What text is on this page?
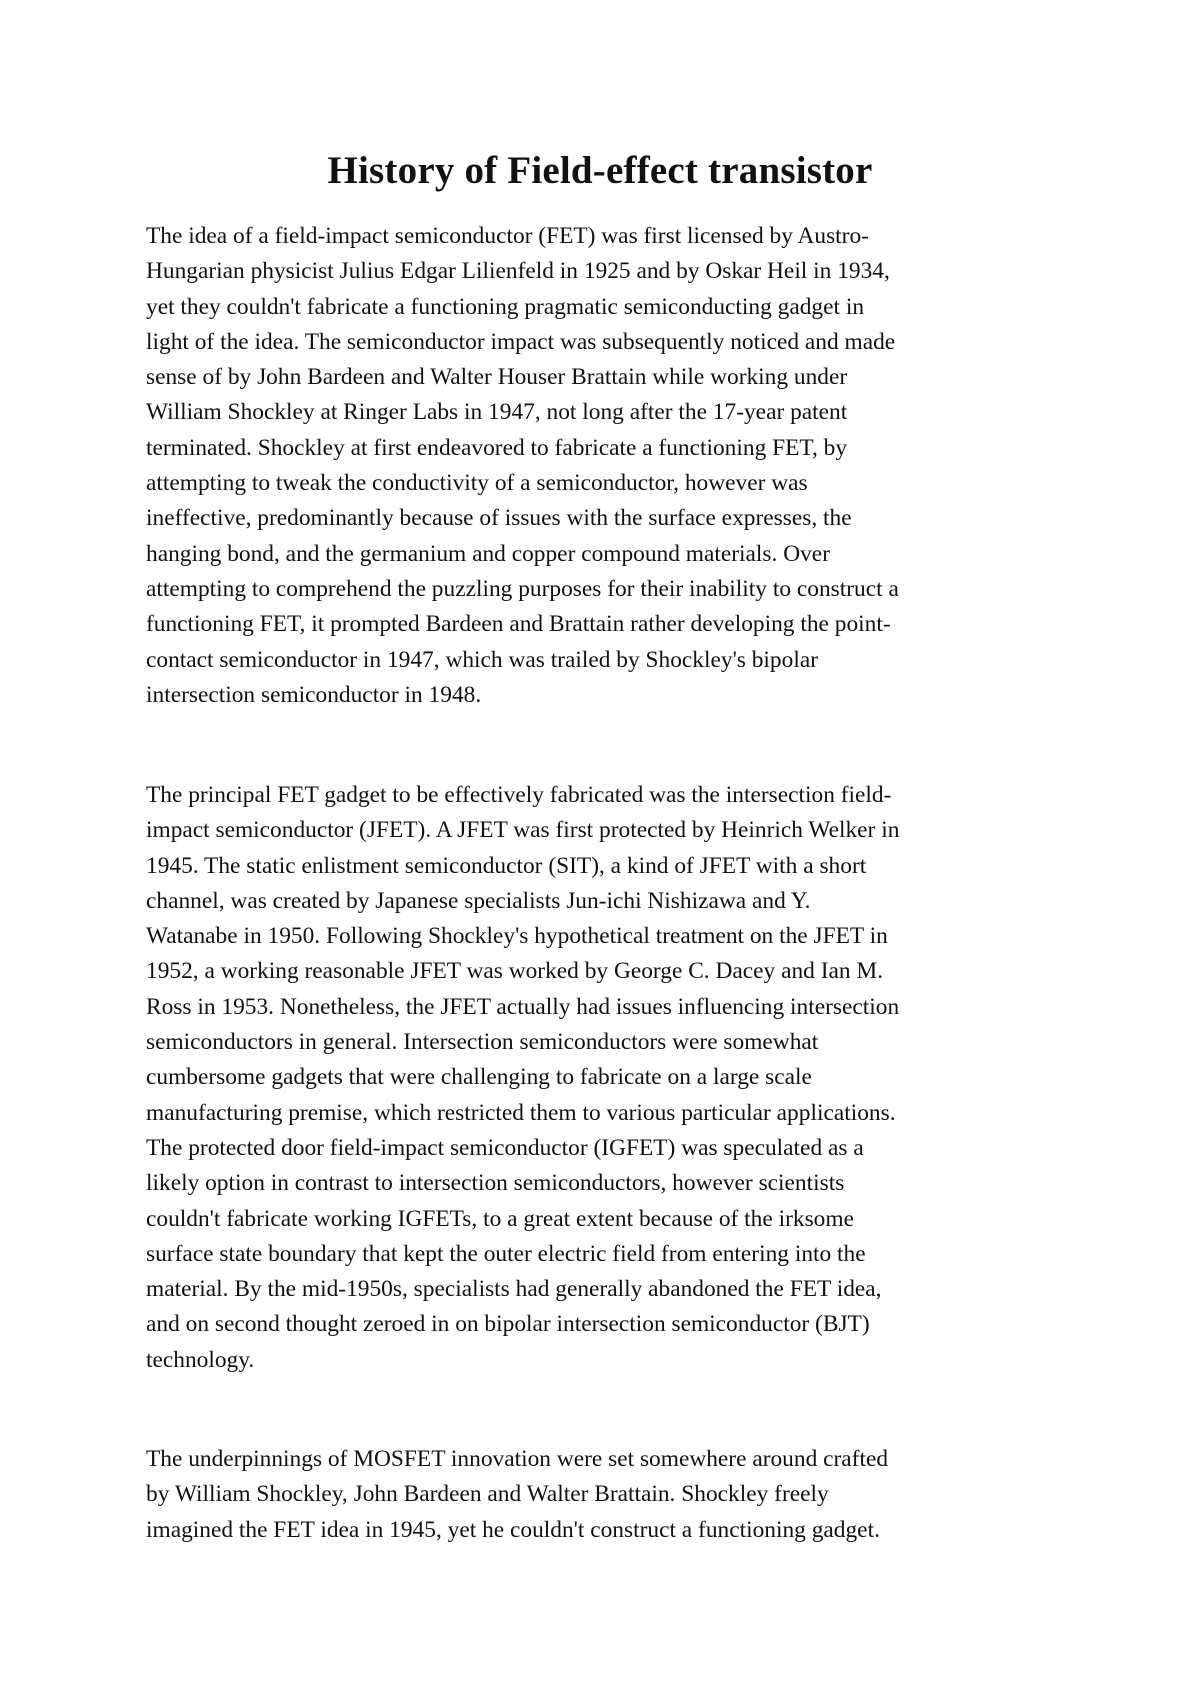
History of Field-effect transistor

The idea of a field-impact semiconductor (FET) was first licensed by Austro-
Hungarian physicist Julius Edgar Lilienfeld in 1925 and by Oskar Heil in 1934,
yet they couldn't fabricate a functioning pragmatic semiconducting gadget in
light of the idea. The semiconductor impact was subsequently noticed and made
sense of by John Bardeen and Walter Houser Brattain while working under
William Shockley at Ringer Labs in 1947, not long after the 17-year patent
terminated. Shockley at first endeavored to fabricate a functioning FET, by
attempting to tweak the conductivity of a semiconductor, however was
ineffective, predominantly because of issues with the surface expresses, the
hanging bond, and the germanium and copper compound materials. Over
attempting to comprehend the puzzling purposes for their inability to construct a
functioning FET, it prompted Bardeen and Brattain rather developing the point-
contact semiconductor in 1947, which was trailed by Shockley's bipolar
intersection semiconductor in 1948.

The principal FET gadget to be effectively fabricated was the intersection field-
impact semiconductor (JFET). A JFET was first protected by Heinrich Welker in
1945. The static enlistment semiconductor (SIT), a kind of JFET with a short
channel, was created by Japanese specialists Jun-ichi Nishizawa and Y.
Watanabe in 1950. Following Shockley's hypothetical treatment on the JFET in
1952, a working reasonable JFET was worked by George C. Dacey and Ian M.
Ross in 1953. Nonetheless, the JFET actually had issues influencing intersection
semiconductors in general. Intersection semiconductors were somewhat
cumbersome gadgets that were challenging to fabricate on a large scale
manufacturing premise, which restricted them to various particular applications.
The protected door field-impact semiconductor (IGFET) was speculated as a
likely option in contrast to intersection semiconductors, however scientists
couldn't fabricate working IGFETs, to a great extent because of the irksome
surface state boundary that kept the outer electric field from entering into the
material. By the mid-1950s, specialists had generally abandoned the FET idea,
and on second thought zeroed in on bipolar intersection semiconductor (BJT)
technology.

The underpinnings of MOSFET innovation were set somewhere around crafted
by William Shockley, John Bardeen and Walter Brattain. Shockley freely
imagined the FET idea in 1945, yet he couldn't construct a functioning gadget.
